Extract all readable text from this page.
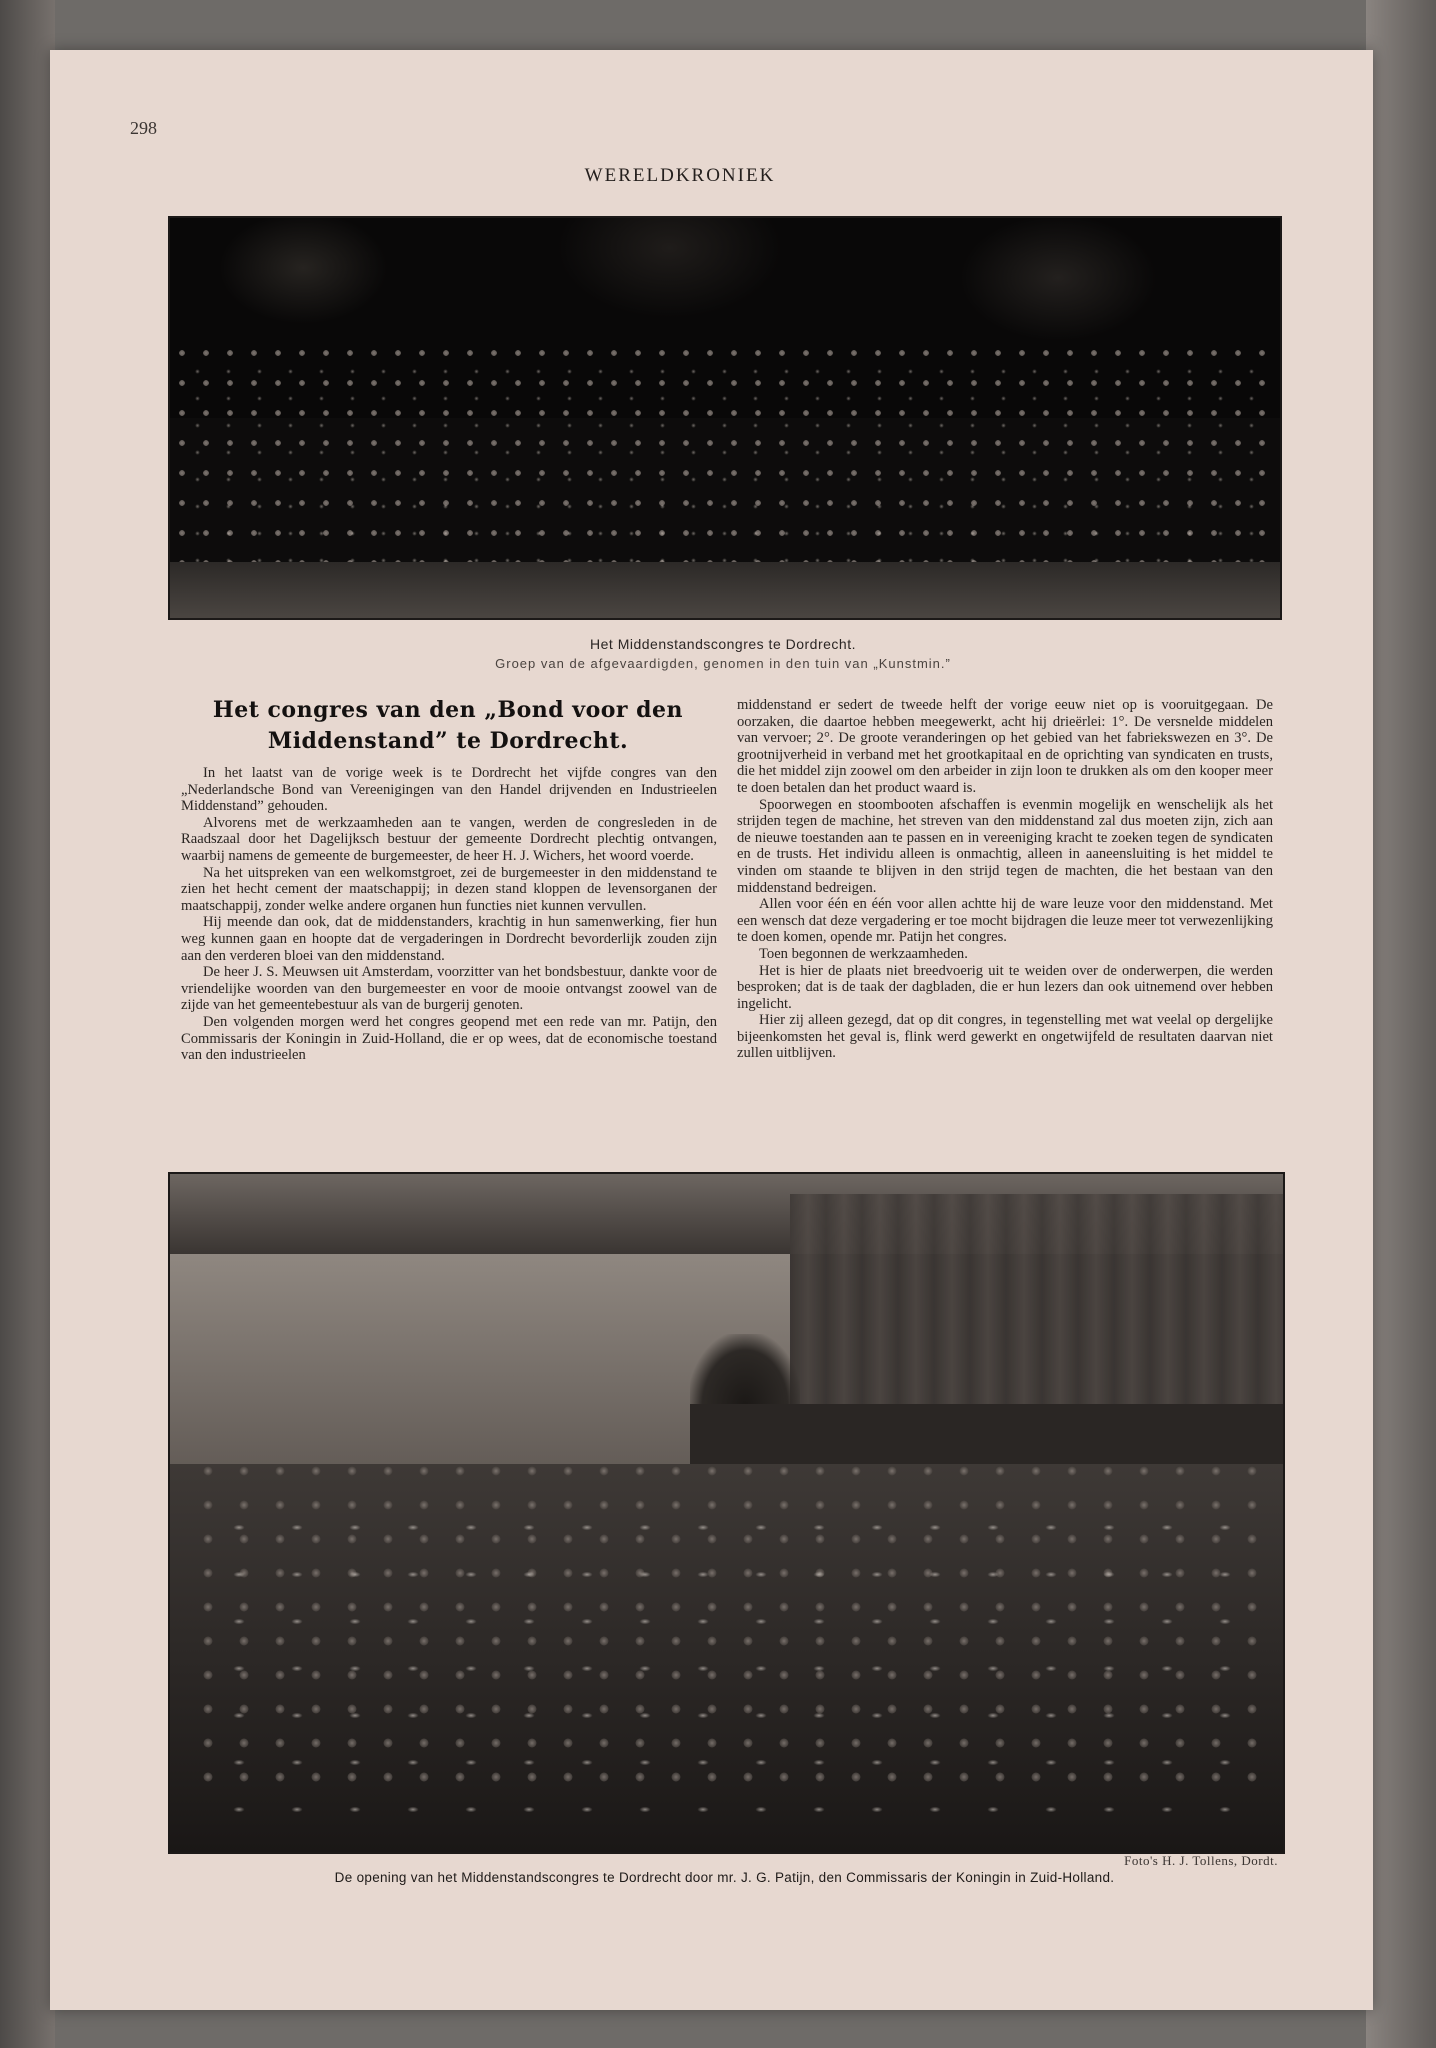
298
WERELDKRONIEK
Het Middenstandscongres te Dordrecht.
Groep van de afgevaardigden, genomen in den tuin van „Kunstmin.”
Het congres van den „Bond voor den Middenstand” te Dordrecht.

In het laatst van de vorige week is te Dordrecht het vijfde congres van den „Nederlandsche Bond van Vereenigingen van den Handel drijvenden en Industrieelen Middenstand” gehouden.

Alvorens met de werkzaamheden aan te vangen, werden de congresleden in de Raadszaal door het Dagelijksch bestuur der gemeente Dordrecht plechtig ontvangen, waarbij namens de gemeente de burgemeester, de heer H. J. Wichers, het woord voerde.

Na het uitspreken van een welkomstgroet, zei de burgemeester in den middenstand te zien het hecht cement der maatschappij; in dezen stand kloppen de levensorganen der maatschappij, zonder welke andere organen hun functies niet kunnen vervullen.

Hij meende dan ook, dat de middenstanders, krachtig in hun samenwerking, fier hun weg kunnen gaan en hoopte dat de vergaderingen in Dordrecht bevorderlijk zouden zijn aan den verderen bloei van den middenstand.

De heer J. S. Meuwsen uit Amsterdam, voorzitter van het bondsbestuur, dankte voor de vriendelijke woorden van den burgemeester en voor de mooie ontvangst zoowel van de zijde van het gemeentebestuur als van de burgerij genoten.

Den volgenden morgen werd het congres geopend met een rede van mr. Patijn, den Commissaris der Koningin in Zuid-Holland, die er op wees, dat de economische toestand van den industrieelen

middenstand er sedert de tweede helft der vorige eeuw niet op is vooruitgegaan. De oorzaken, die daartoe hebben meegewerkt, acht hij drieërlei: 1°. De versnelde middelen van vervoer; 2°. De groote veranderingen op het gebied van het fabriekswezen en 3°. De grootnijverheid in verband met het grootkapitaal en de oprichting van syndicaten en trusts, die het middel zijn zoowel om den arbeider in zijn loon te drukken als om den kooper meer te doen betalen dan het product waard is.

Spoorwegen en stoombooten afschaffen is evenmin mogelijk en wenschelijk als het strijden tegen de machine, het streven van den middenstand zal dus moeten zijn, zich aan de nieuwe toestanden aan te passen en in vereeniging kracht te zoeken tegen de syndicaten en de trusts. Het individu alleen is onmachtig, alleen in aaneensluiting is het middel te vinden om staande te blijven in den strijd tegen de machten, die het bestaan van den middenstand bedreigen.

Allen voor één en één voor allen achtte hij de ware leuze voor den middenstand. Met een wensch dat deze vergadering er toe mocht bijdragen die leuze meer tot verwezenlijking te doen komen, opende mr. Patijn het congres.

Toen begonnen de werkzaamheden.

Het is hier de plaats niet breedvoerig uit te weiden over de onderwerpen, die werden besproken; dat is de taak der dagbladen, die er hun lezers dan ook uitnemend over hebben ingelicht.

Hier zij alleen gezegd, dat op dit congres, in tegenstelling met wat veelal op dergelijke bijeenkomsten het geval is, flink werd gewerkt en ongetwijfeld de resultaten daarvan niet zullen uitblijven.

Foto's H. J. Tollens, Dordt.
De opening van het Middenstandscongres te Dordrecht door mr. J. G. Patijn, den Commissaris der Koningin in Zuid-Holland.
